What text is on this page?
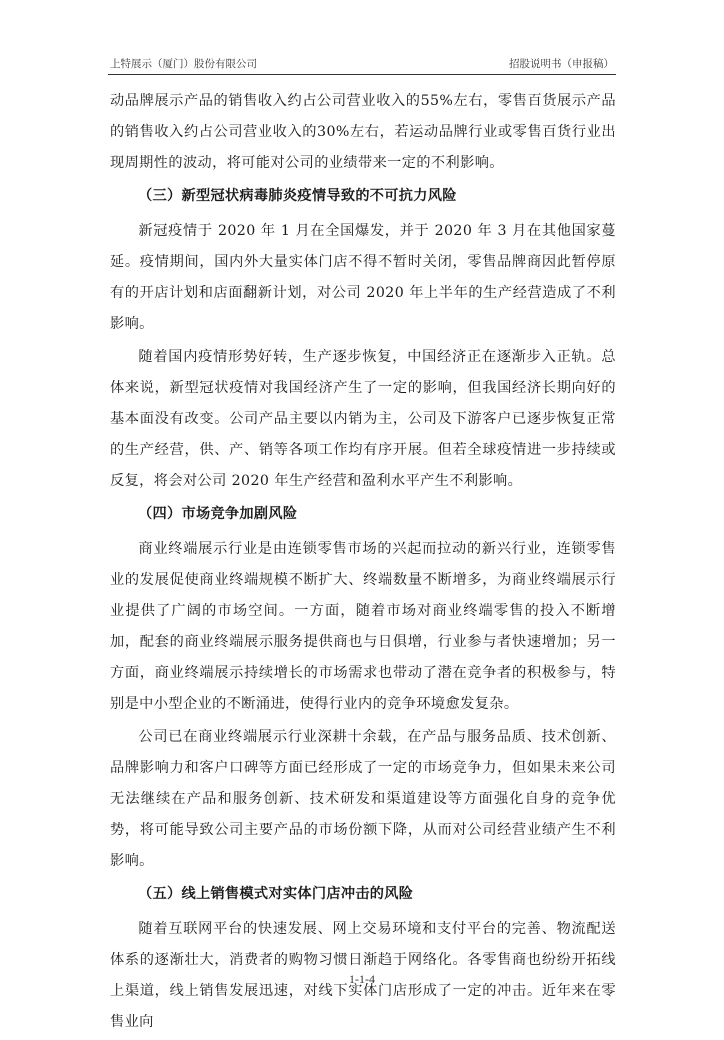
上特展示（厦门）股份有限公司	招股说明书（申报稿）

动品牌展示产品的销售收入约占公司营业收入的55%左右，零售百货展示产品的销售收入约占公司营业收入的30%左右，若运动品牌行业或零售百货行业出现周期性的波动，将可能对公司的业绩带来一定的不利影响。

（三）新型冠状病毒肺炎疫情导致的不可抗力风险

新冠疫情于 2020 年 1 月在全国爆发，并于 2020 年 3 月在其他国家蔓延。疫情期间，国内外大量实体门店不得不暂时关闭，零售品牌商因此暂停原有的开店计划和店面翻新计划，对公司 2020 年上半年的生产经营造成了不利影响。

随着国内疫情形势好转，生产逐步恢复，中国经济正在逐渐步入正轨。总体来说，新型冠状疫情对我国经济产生了一定的影响，但我国经济长期向好的基本面没有改变。公司产品主要以内销为主，公司及下游客户已逐步恢复正常的生产经营，供、产、销等各项工作均有序开展。但若全球疫情进一步持续或反复，将会对公司 2020 年生产经营和盈利水平产生不利影响。

（四）市场竞争加剧风险

商业终端展示行业是由连锁零售市场的兴起而拉动的新兴行业，连锁零售业的发展促使商业终端规模不断扩大、终端数量不断增多，为商业终端展示行业提供了广阔的市场空间。一方面，随着市场对商业终端零售的投入不断增加，配套的商业终端展示服务提供商也与日俱增，行业参与者快速增加；另一方面，商业终端展示持续增长的市场需求也带动了潜在竞争者的积极参与，特别是中小型企业的不断涌进，使得行业内的竞争环境愈发复杂。

公司已在商业终端展示行业深耕十余载，在产品与服务品质、技术创新、品牌影响力和客户口碑等方面已经形成了一定的市场竞争力，但如果未来公司无法继续在产品和服务创新、技术研发和渠道建设等方面强化自身的竞争优势，将可能导致公司主要产品的市场份额下降，从而对公司经营业绩产生不利影响。

（五）线上销售模式对实体门店冲击的风险

随着互联网平台的快速发展、网上交易环境和支付平台的完善、物流配送体系的逐渐壮大，消费者的购物习惯日渐趋于网络化。各零售商也纷纷开拓线上渠道，线上销售发展迅速，对线下实体门店形成了一定的冲击。近年来在零售业向

1-1-4
